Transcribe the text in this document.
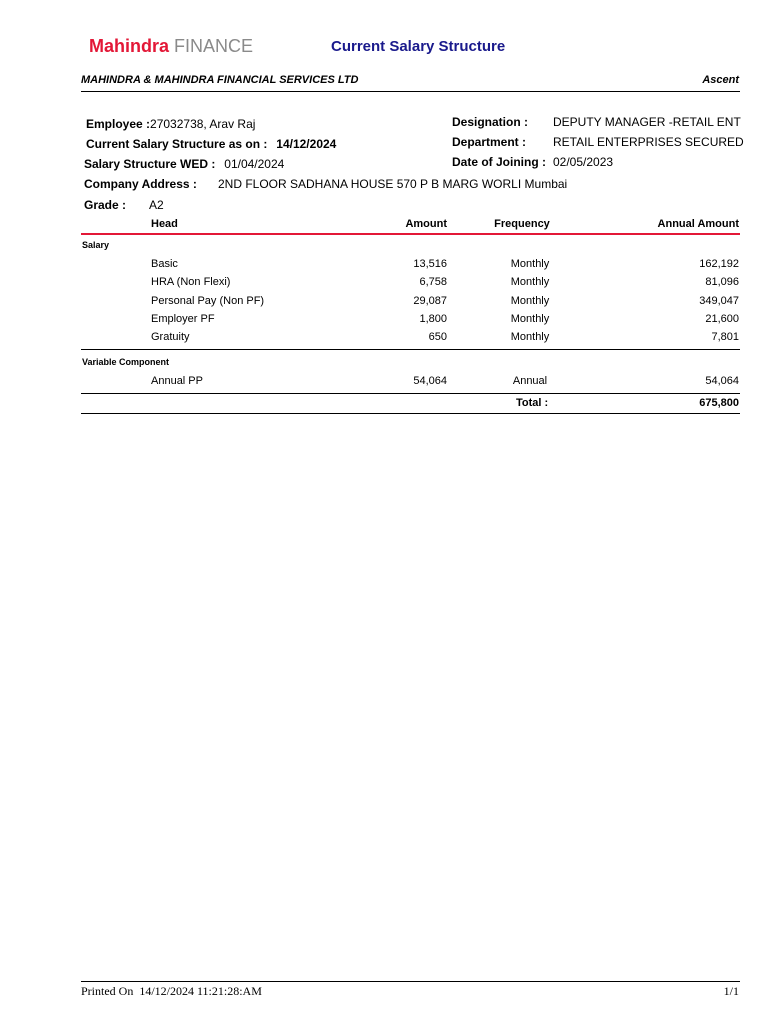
Mahindra FINANCE	Current Salary Structure
MAHINDRA & MAHINDRA FINANCIAL SERVICES LTD	Ascent
Employee :27032738, Arav Raj
Current Salary Structure as on : 14/12/2024
Salary Structure WED : 01/04/2024
Company Address : 2ND FLOOR SADHANA HOUSE 570 P B MARG WORLI Mumbai
Grade : A2
Designation : DEPUTY MANAGER -RETAIL ENT
Department : RETAIL ENTERPRISES SECURED
Date of Joining : 02/05/2023
Head	Amount	Frequency	Annual Amount
Salary
Basic	13,516	Monthly	162,192
HRA (Non Flexi)	6,758	Monthly	81,096
Personal Pay (Non PF)	29,087	Monthly	349,047
Employer PF	1,800	Monthly	21,600
Gratuity	650	Monthly	7,801
Variable Component
Annual PP	54,064	Annual	54,064
Total :	675,800
Printed On  14/12/2024 11:21:28:AM	1/1
